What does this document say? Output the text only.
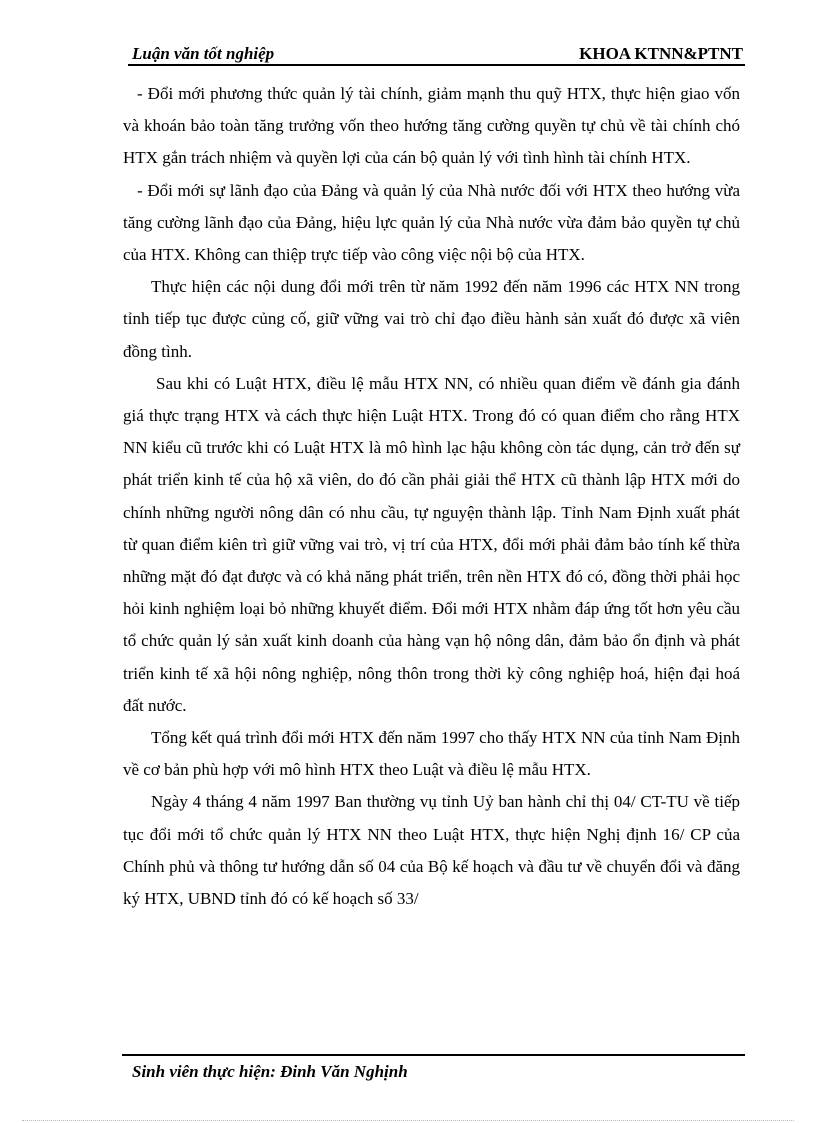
Luận văn tốt nghiệp	KHOA KTNN&PTNT

- Đổi mới phương thức quản lý tài chính, giảm mạnh thu quỹ HTX, thực hiện giao vốn và khoán bảo toàn tăng trưởng vốn theo hướng tăng cường quyền tự chủ về tài chính chó HTX gắn trách nhiệm và quyền lợi của cán bộ quản lý với tình hình tài chính HTX.

- Đổi mới sự lãnh đạo của Đảng và quản lý của Nhà nước đối với HTX theo hướng vừa tăng cường lãnh đạo của Đảng, hiệu lực quản lý của Nhà nước vừa đảm bảo quyền tự chủ của HTX. Không can thiệp trực tiếp vào công việc nội bộ của HTX.

Thực hiện các nội dung đổi mới trên từ năm 1992 đến năm 1996 các HTX NN trong tỉnh tiếp tục được củng cố, giữ vững vai trò chỉ đạo điều hành sản xuất đó được xã viên đồng tình.

Sau khi có Luật HTX, điều lệ mẫu HTX NN, có nhiều quan điểm về đánh gia đánh giá thực trạng HTX và cách thực hiện Luật HTX. Trong đó có quan điểm cho rằng HTX NN kiểu cũ trước khi có Luật HTX là mô hình lạc hậu không còn tác dụng, cản trở đến sự phát triển kinh tế của hộ xã viên, do đó cần phải giải thể HTX cũ thành lập HTX mới do chính những người nông dân có nhu cầu, tự nguyện thành lập. Tỉnh Nam Định xuất phát từ quan điểm kiên trì giữ vững vai trò, vị trí của HTX, đổi mới phải đảm bảo tính kế thừa những mặt đó đạt được và có khả năng phát triển, trên nền HTX đó có, đồng thời phải học hỏi kinh nghiệm loại bỏ những khuyết điểm. Đổi mới HTX nhằm đáp ứng tốt hơn yêu cầu tổ chức quản lý sản xuất kinh doanh của hàng vạn hộ nông dân, đảm bảo ổn định và phát triển kinh tế xã hội nông nghiệp, nông thôn trong thời kỳ công nghiệp hoá, hiện đại hoá đất nước.

Tổng kết quá trình đổi mới HTX đến năm 1997 cho thấy HTX NN của tỉnh Nam Định về cơ bản phù hợp với mô hình HTX theo Luật và điều lệ mẫu HTX.

Ngày 4 tháng 4 năm 1997 Ban thường vụ tỉnh Uỷ ban hành chỉ thị 04/ CT-TU về tiếp tục đổi mới tổ chức quản lý HTX NN theo Luật HTX, thực hiện Nghị định 16/ CP của Chính phủ và thông tư hướng dẫn số 04 của Bộ kế hoạch và đầu tư về chuyển đổi và đăng ký HTX, UBND tỉnh đó có kế hoạch số 33/

Sinh viên thực hiện: Đinh Văn Nghịnh
